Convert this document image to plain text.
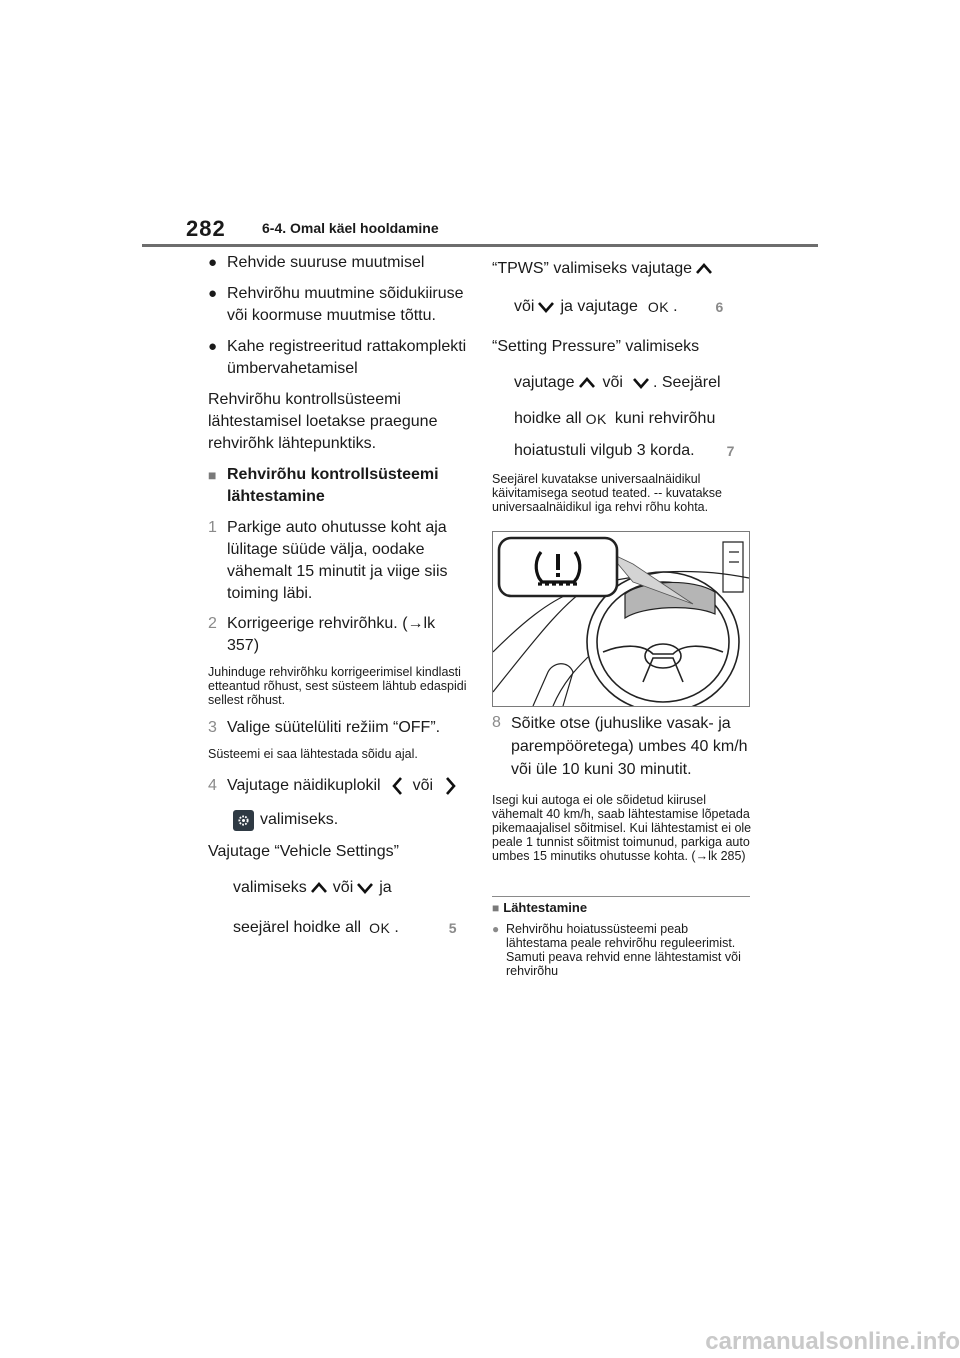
282	6-4. Omal käel hooldamine
● Rehvide suuruse muutmisel
● Rehvirõhu muutmine sõidukiiruse või koormuse muutmise tõttu.
● Kahe registreeritud rattakomplekti ümbervahetamisel

Rehvirõhu kontrollsüsteemi lähtestamisel loetakse praegune rehvirõhk lähtepunktiks.

■ Rehvirõhu kontrollsüsteemi lähtestamine
1 Parkige auto ohutusse koht aja lülitage süüde välja, oodake vähemalt 15 minutit ja viige siis toiming läbi.
2 Korrigeerige rehvirõhku. (→lk 357)

Juhinduge rehvirõhku korrigeerimisel kindlasti etteantud rõhust, sest süsteem lähtub edaspidi sellest rõhust.

3 Valige süütelüliti režiim “OFF”.

Süsteemi ei saa lähtestada sõidu ajal.

4 Vajutage näidikuplokil või
valimiseks.

Vajutage “Vehicle Settings”

valimiseks või ja
seejärel hoidke all OK .	5
“TPWS” valimiseks vajutage
või ja vajutage OK .	6

“Setting Pressure” valimiseks

vajutage või . Seejärel
hoidke all OK kuni rehvirõhu
hoiatustuli vilgub 3 korda. 7

Seejärel kuvatakse universaalnäidikul käivitamisega seotud teated. -- kuvatakse universaalnäidikul iga rehvi rõhu kohta.

8 Sõitke otse (juhuslike vasak- ja parempööretega) umbes 40 km/h või üle 10 kuni 30 minutit.

Isegi kui autoga ei ole sõidetud kiirusel vähemalt 40 km/h, saab lähtestamise lõpetada pikemaajalisel sõitmisel. Kui lähtestamist ei ole peale 1 tunnist sõitmist toimunud, parkiga auto umbes 15 minutiks ohutusse kohta. (→lk 285)

■ Lähtestamine
● Rehvirõhu hoiatussüsteemi peab lähtestama peale rehvirõhu reguleerimist.
Samuti peava rehvid enne lähtestamist või rehvirõhu
carmanualsonline.info
